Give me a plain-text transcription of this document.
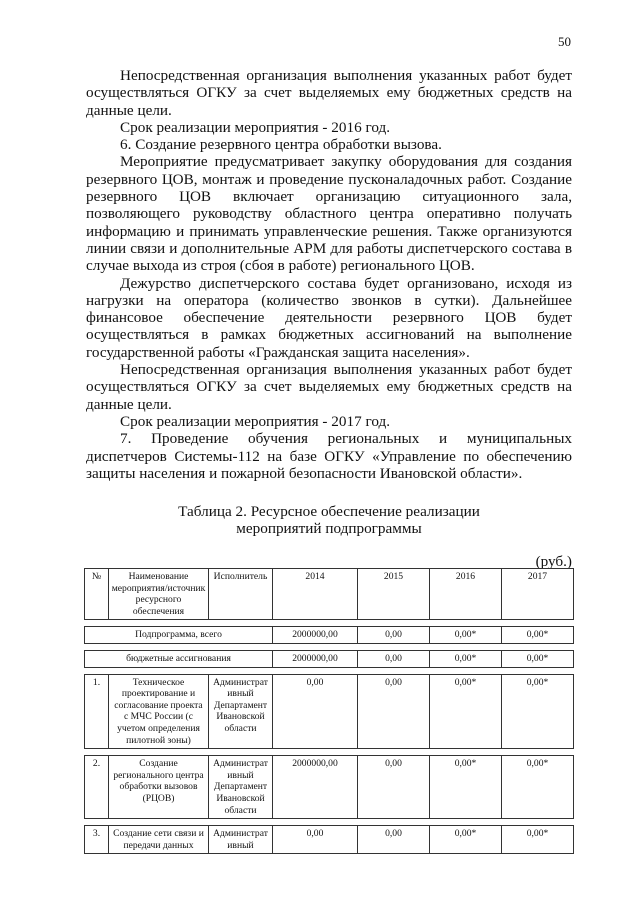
50

Непосредственная организация выполнения указанных работ будет осуществляться ОГКУ за счет выделяемых ему бюджетных средств на данные цели.

Срок реализации мероприятия - 2016 год.

6. Создание резервного центра обработки вызова.

Мероприятие предусматривает закупку оборудования для создания резервного ЦОВ, монтаж и проведение пусконаладочных работ. Создание резервного ЦОВ включает организацию ситуационного зала, позволяющего руководству областного центра оперативно получать информацию и принимать управленческие решения. Также организуются линии связи и дополнительные АРМ для работы диспетчерского состава в случае выхода из строя (сбоя в работе) регионального ЦОВ.

Дежурство диспетчерского состава будет организовано, исходя из нагрузки на оператора (количество звонков в сутки). Дальнейшее финансовое обеспечение деятельности резервного ЦОВ будет осуществляться в рамках бюджетных ассигнований на выполнение государственной работы «Гражданская защита населения».

Непосредственная организация выполнения указанных работ будет осуществляться ОГКУ за счет выделяемых ему бюджетных средств на данные цели.

Срок реализации мероприятия - 2017 год.

7. Проведение обучения региональных и муниципальных диспетчеров Системы-112 на базе ОГКУ «Управление по обеспечению защиты населения и пожарной безопасности Ивановской области».

Таблица 2. Ресурсное обеспечение реализации
мероприятий подпрограммы
(руб.)
№	Наименование мероприятия/источник ресурсного обеспечения	Исполнитель	2014	2015	2016	2017

Подпрограмма, всего			2000000,00	0,00	0,00*	0,00*

бюджетные ассигнования			2000000,00	0,00	0,00*	0,00*

1.	Техническое проектирование и согласование проекта с МЧС России (с учетом определения пилотной зоны)	Администрат ивный Департамент Ивановской области	0,00	0,00	0,00*	0,00*

2.	Создание регионального центра обработки вызовов (РЦОВ)	Администрат ивный Департамент Ивановской области	2000000,00	0,00	0,00*	0,00*

3.	Создание сети связи и передачи данных	Администрат ивный	0,00	0,00	0,00*	0,00*
